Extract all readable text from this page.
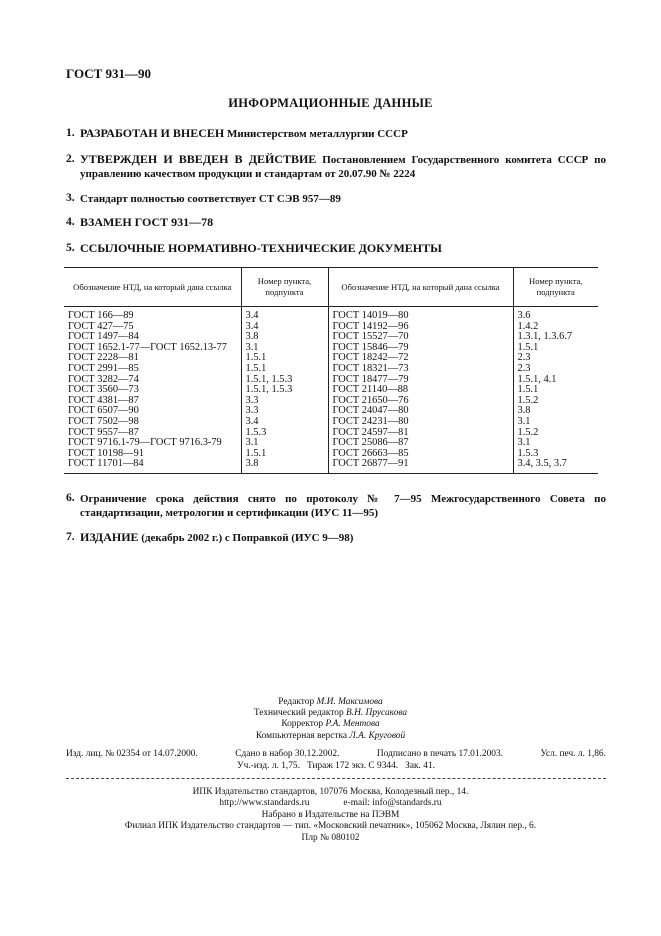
ГОСТ 931—90
ИНФОРМАЦИОННЫЕ ДАННЫЕ
1. РАЗРАБОТАН И ВНЕСЕН Министерством металлургии СССР
2. УТВЕРЖДЕН И ВВЕДЕН В ДЕЙСТВИЕ Постановлением Государственного комитета СССР по управлению качеством продукции и стандартам от 20.07.90 № 2224
3. Стандарт полностью соответствует СТ СЭВ 957—89
4. ВЗАМЕН ГОСТ 931—78
5. ССЫЛОЧНЫЕ НОРМАТИВНО-ТЕХНИЧЕСКИЕ ДОКУМЕНТЫ
Обозначение НТД, на который дана ссылка	Номер пункта, подпункта	Обозначение НТД, на который дана ссылка	Номер пункта, подпункта
ГОСТ 166—89	3.4	ГОСТ 14019—80	3.6
ГОСТ 427—75	3.4	ГОСТ 14192—96	1.4.2
ГОСТ 1497—84	3.8	ГОСТ 15527—70	1.3.1, 1.3.6.7
ГОСТ 1652.1-77—ГОСТ 1652.13-77	3.1	ГОСТ 15846—79	1.5.1
ГОСТ 2228—81	1.5.1	ГОСТ 18242—72	2.3
ГОСТ 2991—85	1.5.1	ГОСТ 18321—73	2.3
ГОСТ 3282—74	1.5.1, 1.5.3	ГОСТ 18477—79	1.5.1, 4.1
ГОСТ 3560—73	1.5.1, 1.5.3	ГОСТ 21140—88	1.5.1
ГОСТ 4381—87	3.3	ГОСТ 21650—76	1.5.2
ГОСТ 6507—90	3.3	ГОСТ 24047—80	3.8
ГОСТ 7502—98	3.4	ГОСТ 24231—80	3.1
ГОСТ 9557—87	1.5.3	ГОСТ 24597—81	1.5.2
ГОСТ 9716.1-79—ГОСТ 9716.3-79	3.1	ГОСТ 25086—87	3.1
ГОСТ 10198—91	1.5.1	ГОСТ 26663—85	1.5.3
ГОСТ 11701—84	3.8	ГОСТ 26877—91	3.4, 3.5, 3.7
6. Ограничение срока действия снято по протоколу № 7—95 Межгосударственного Совета по стандартизации, метрологии и сертификации (ИУС 11—95)
7. ИЗДАНИЕ (декабрь 2002 г.) с Поправкой (ИУС 9—98)
Редактор М.И. Максимова
Технический редактор В.Н. Прусакова
Корректор Р.А. Ментова
Компьютерная верстка Л.А. Круговой
Изд. лиц. № 02354 от 14.07.2000.	Сдано в набор 30.12.2002.	Подписано в печать 17.01.2003.	Усл. печ. л. 1,86.
Уч.-изд. л. 1,75.   Тираж 172 экз. С 9344.   Зак. 41.
ИПК Издательство стандартов, 107076 Москва, Колодезный пер., 14.
http://www.standards.ru	e-mail: info@standards.ru
Набрано в Издательстве на ПЭВМ
Филиал ИПК Издательство стандартов — тип. «Московский печатник», 105062 Москва, Лялин пер., 6.
Плр № 080102
